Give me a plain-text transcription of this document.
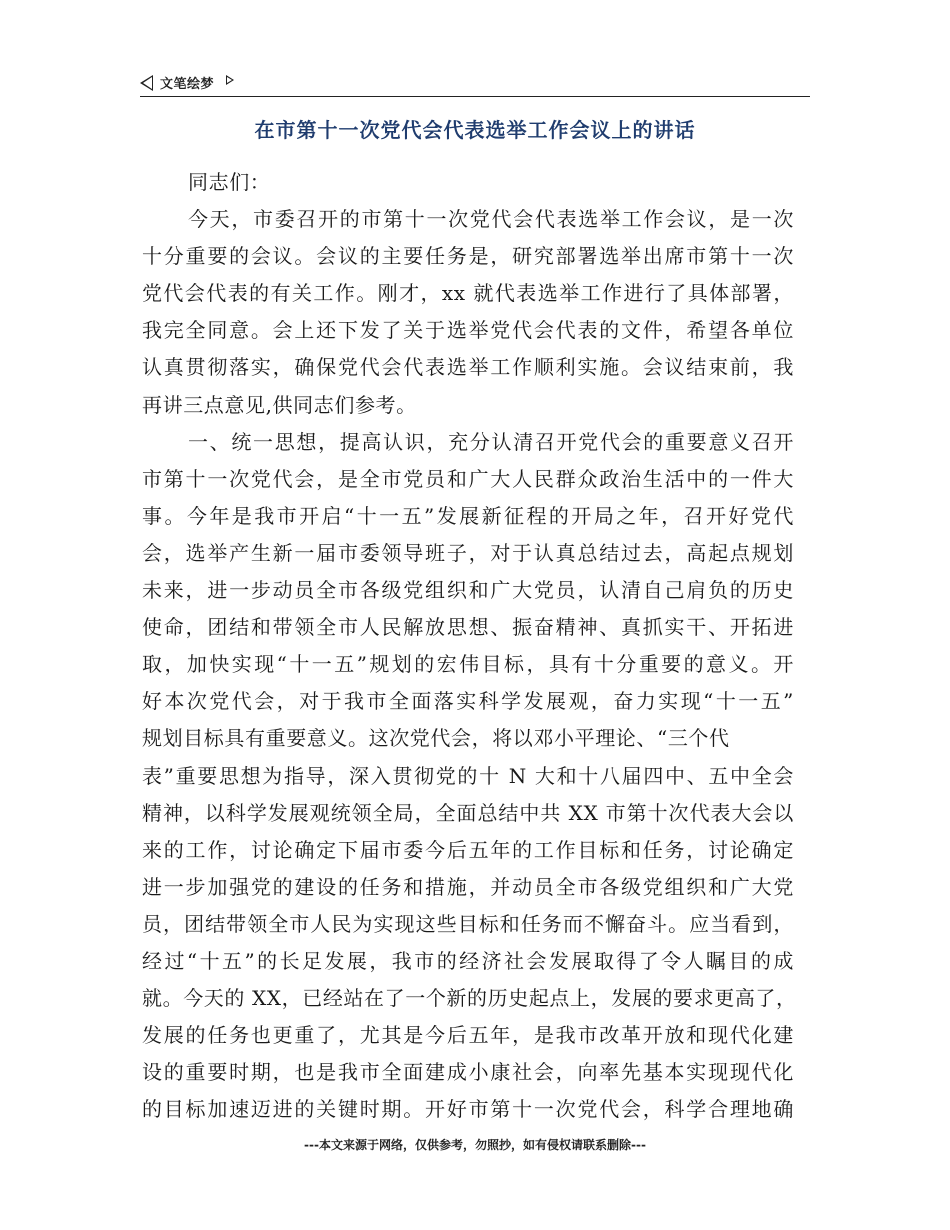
文笔绘梦
在市第十一次党代会代表选举工作会议上的讲话
同志们：
今天，市委召开的市第十一次党代会代表选举工作会议，是一次
十分重要的会议。会议的主要任务是，研究部署选举出席市第十一次
党代会代表的有关工作。刚才，xx 就代表选举工作进行了具体部署，
我完全同意。会上还下发了关于选举党代会代表的文件，希望各单位
认真贯彻落实，确保党代会代表选举工作顺利实施。会议结束前，我
再讲三点意见,供同志们参考。
一、统一思想，提高认识，充分认清召开党代会的重要意义召开
市第十一次党代会，是全市党员和广大人民群众政治生活中的一件大
事。今年是我市开启“十一五”发展新征程的开局之年，召开好党代
会，选举产生新一届市委领导班子，对于认真总结过去，高起点规划
未来，进一步动员全市各级党组织和广大党员，认清自己肩负的历史
使命，团结和带领全市人民解放思想、振奋精神、真抓实干、开拓进
取，加快实现“十一五”规划的宏伟目标，具有十分重要的意义。开
好本次党代会，对于我市全面落实科学发展观，奋力实现“十一五”
规划目标具有重要意义。这次党代会，将以邓小平理论、“三个代
表”重要思想为指导，深入贯彻党的十 N 大和十八届四中、五中全会
精神，以科学发展观统领全局，全面总结中共 XX 市第十次代表大会以
来的工作，讨论确定下届市委今后五年的工作目标和任务，讨论确定
进一步加强党的建设的任务和措施，并动员全市各级党组织和广大党
员，团结带领全市人民为实现这些目标和任务而不懈奋斗。应当看到，
经过“十五”的长足发展，我市的经济社会发展取得了令人瞩目的成
就。今天的 XX，已经站在了一个新的历史起点上，发展的要求更高了，
发展的任务也更重了，尤其是今后五年，是我市改革开放和现代化建
设的重要时期，也是我市全面建成小康社会，向率先基本实现现代化
的目标加速迈进的关键时期。开好市第十一次党代会，科学合理地确
---本文来源于网络，仅供参考，勿照抄，如有侵权请联系删除---
